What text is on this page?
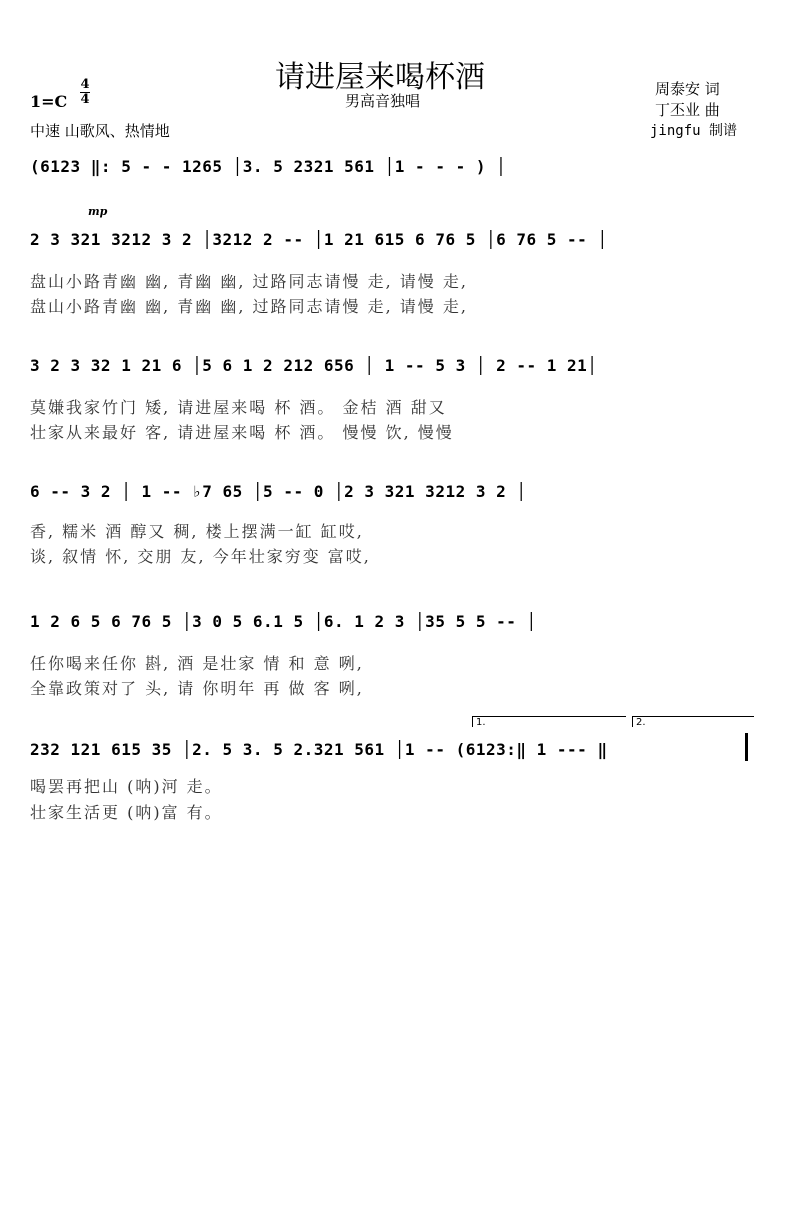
请进屋来喝杯酒
男高音独唱
1=C
4
4
中速 山歌风、热情地
周泰安 词
丁丕业 曲
jingfu 制谱
mp
(6123 ‖: 5 - - 1265 │3. 5 2321 561 │1 - - - ) │
2 3 321 3212 3 2 │3212 2 -- │1 21 615 6 76 5 │6 76 5 -- │
盘山小路青幽 幽, 青幽 幽, 过路同志请慢 走, 请慢 走,
盘山小路青幽 幽, 青幽 幽, 过路同志请慢 走, 请慢 走,
3 2 3 32 1 21 6 │5 6 1 2 212 656 │ 1 -- 5 3 │ 2 -- 1 21│
莫嫌我家竹门 矮, 请进屋来喝 杯 酒。 金桔 酒 甜又
壮家从来最好 客, 请进屋来喝 杯 酒。 慢慢 饮, 慢慢
6 -- 3 2 │ 1 -- ♭7 65 │5 -- 0 │2 3 321 3212 3 2 │
香, 糯米 酒 醇又 稠, 楼上摆满一缸 缸哎,
谈, 叙情 怀, 交朋 友, 今年壮家穷变 富哎,
1 2 6 5 6 76 5 │3 0 5 6.1 5 │6. 1 2 3 │35 5 5 -- │
任你喝来任你 斟, 酒 是壮家 情 和 意 咧,
全靠政策对了 头, 请 你明年 再 做 客 咧,
1.	2.
232 121 615 35 │2. 5 3. 5 2.321 561 │1 -- (6123:‖ 1 --- ‖
喝罢再把山 (呐)河 走。
壮家生活更 (呐)富 有。
